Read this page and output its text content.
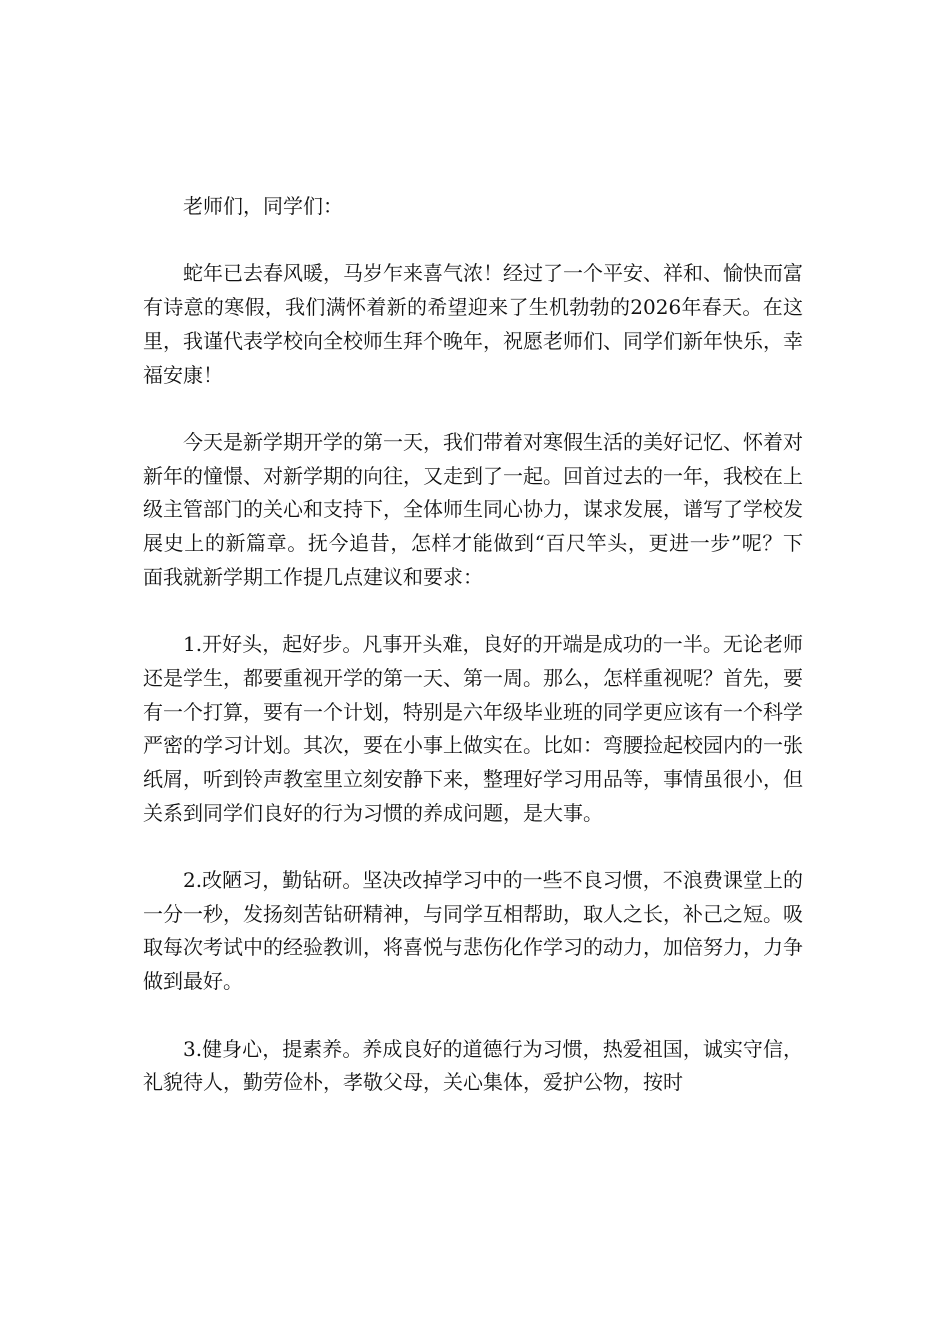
老师们，同学们：

蛇年已去春风暖，马岁乍来喜气浓！经过了一个平安、祥和、愉快而富有诗意的寒假，我们满怀着新的希望迎来了生机勃勃的2026年春天。在这里，我谨代表学校向全校师生拜个晚年，祝愿老师们、同学们新年快乐，幸福安康！

今天是新学期开学的第一天，我们带着对寒假生活的美好记忆、怀着对新年的憧憬、对新学期的向往，又走到了一起。回首过去的一年，我校在上级主管部门的关心和支持下，全体师生同心协力，谋求发展，谱写了学校发展史上的新篇章。抚今追昔，怎样才能做到“百尺竿头，更进一步”呢？下面我就新学期工作提几点建议和要求：

1.开好头，起好步。凡事开头难，良好的开端是成功的一半。无论老师还是学生，都要重视开学的第一天、第一周。那么，怎样重视呢？首先，要有一个打算，要有一个计划，特别是六年级毕业班的同学更应该有一个科学严密的学习计划。其次，要在小事上做实在。比如：弯腰捡起校园内的一张纸屑，听到铃声教室里立刻安静下来，整理好学习用品等，事情虽很小，但关系到同学们良好的行为习惯的养成问题，是大事。

2.改陋习，勤钻研。坚决改掉学习中的一些不良习惯，不浪费课堂上的一分一秒，发扬刻苦钻研精神，与同学互相帮助，取人之长，补己之短。吸取每次考试中的经验教训，将喜悦与悲伤化作学习的动力，加倍努力，力争做到最好。

3.健身心，提素养。养成良好的道德行为习惯，热爱祖国，诚实守信，礼貌待人，勤劳俭朴，孝敬父母，关心集体，爱护公物，按时
